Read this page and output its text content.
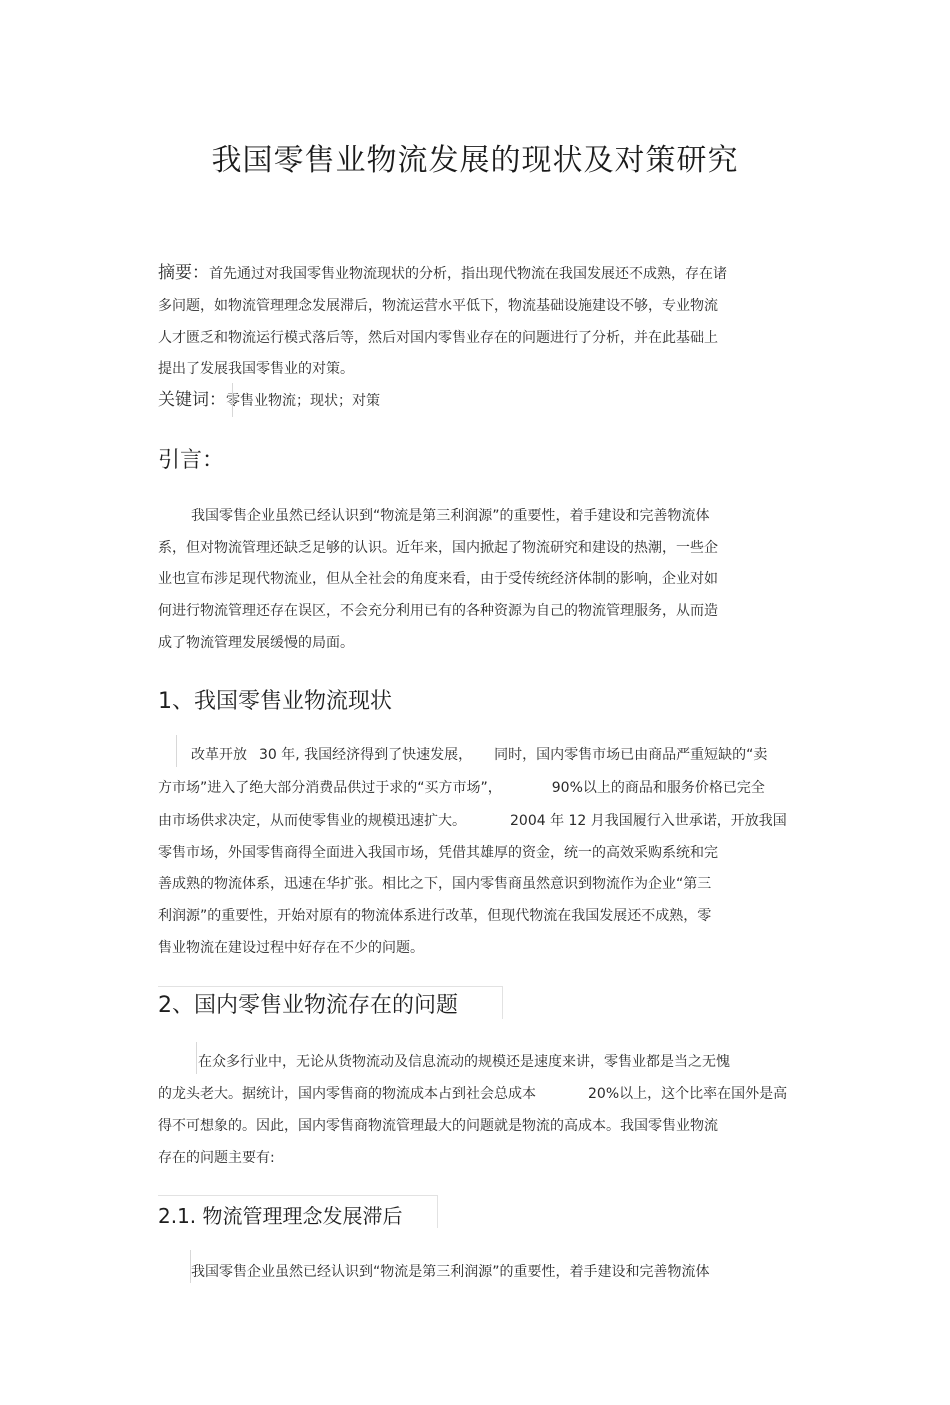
我国零售业物流发展的现状及对策研究
摘要：首先通过对我国零售业物流现状的分析，指出现代物流在我国发展还不成熟，存在诸
多问题，如物流管理理念发展滞后，物流运营水平低下，物流基础设施建设不够，专业物流
人才匮乏和物流运行模式落后等，然后对国内零售业存在的问题进行了分析，并在此基础上
提出了发展我国零售业的对策。
关键词：零售业物流；现状；对策
引言：
我国零售企业虽然已经认识到“物流是第三利润源”的重要性，着手建设和完善物流体
系，但对物流管理还缺乏足够的认识。近年来，国内掀起了物流研究和建设的热潮，一些企
业也宣布涉足现代物流业，但从全社会的角度来看，由于受传统经济体制的影响，企业对如
何进行物流管理还存在误区，不会充分利用已有的各种资源为自己的物流管理服务，从而造
成了物流管理发展缓慢的局面。
1、我国零售业物流现状
改革开放 30 年, 我国经济得到了快速发展， 同时，国内零售市场已由商品严重短缺的“卖
方市场”进入了绝大部分消费品供过于求的“买方市场”，	90%以上的商品和服务价格已完全
由市场供求决定，从而使零售业的规模迅速扩大。	2004 年 12 月我国履行入世承诺，开放我国
零售市场，外国零售商得全面进入我国市场，凭借其雄厚的资金，统一的高效采购系统和完
善成熟的物流体系，迅速在华扩张。相比之下，国内零售商虽然意识到物流作为企业“第三
利润源”的重要性，开始对原有的物流体系进行改革，但现代物流在我国发展还不成熟，零
售业物流在建设过程中好存在不少的问题。
2、国内零售业物流存在的问题
在众多行业中，无论从货物流动及信息流动的规模还是速度来讲，零售业都是当之无愧
的龙头老大。据统计，国内零售商的物流成本占到社会总成本	20%以上，这个比率在国外是高
得不可想象的。因此，国内零售商物流管理最大的问题就是物流的高成本。我国零售业物流
存在的问题主要有:
2.1. 物流管理理念发展滞后
我国零售企业虽然已经认识到“物流是第三利润源”的重要性，着手建设和完善物流体
